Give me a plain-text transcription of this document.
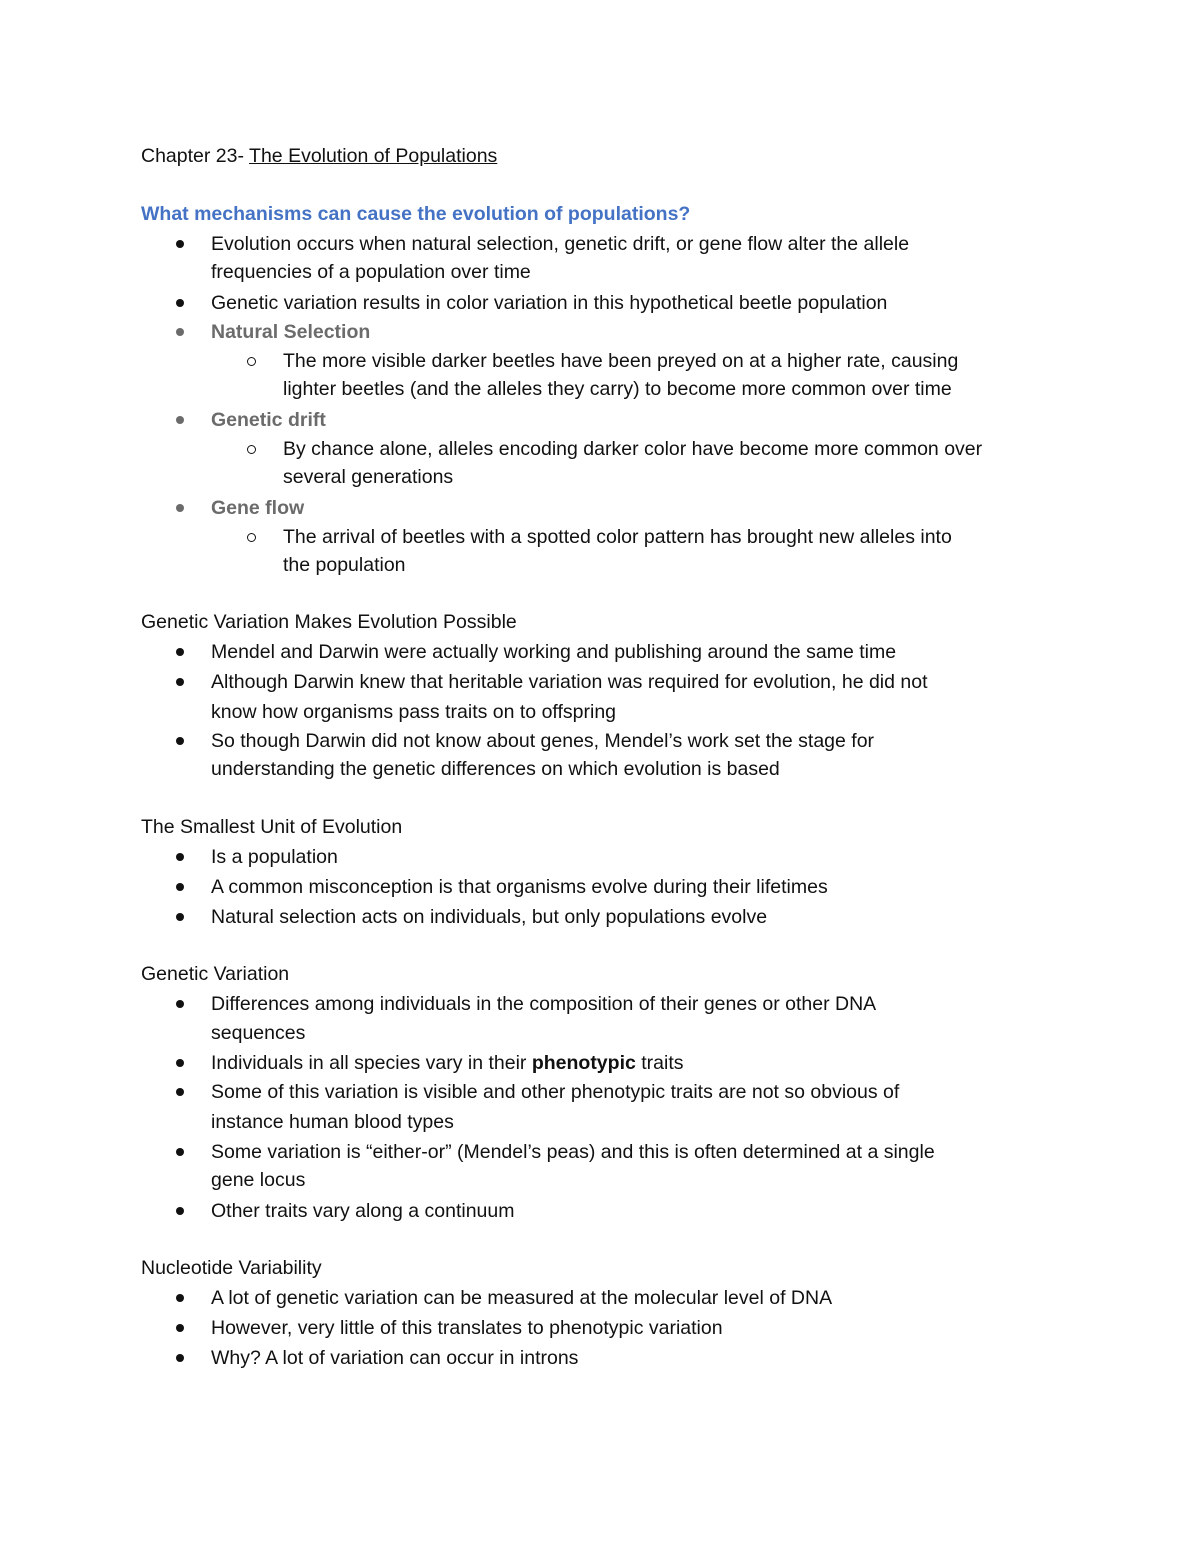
Chapter 23- The Evolution of Populations
What mechanisms can cause the evolution of populations?
Evolution occurs when natural selection, genetic drift, or gene flow alter the allele
frequencies of a population over time
Genetic variation results in color variation in this hypothetical beetle population
Natural Selection
The more visible darker beetles have been preyed on at a higher rate, causing
lighter beetles (and the alleles they carry) to become more common over time
Genetic drift
By chance alone, alleles encoding darker color have become more common over
several generations
Gene flow
The arrival of beetles with a spotted color pattern has brought new alleles into
the population
Genetic Variation Makes Evolution Possible
Mendel and Darwin were actually working and publishing around the same time
Although Darwin knew that heritable variation was required for evolution, he did not
know how organisms pass traits on to offspring
So though Darwin did not know about genes, Mendel’s work set the stage for
understanding the genetic differences on which evolution is based
The Smallest Unit of Evolution
Is a population
A common misconception is that organisms evolve during their lifetimes
Natural selection acts on individuals, but only populations evolve
Genetic Variation
Differences among individuals in the composition of their genes or other DNA
sequences
Individuals in all species vary in their phenotypic traits
Some of this variation is visible and other phenotypic traits are not so obvious of
instance human blood types
Some variation is “either-or” (Mendel’s peas) and this is often determined at a single
gene locus
Other traits vary along a continuum
Nucleotide Variability
A lot of genetic variation can be measured at the molecular level of DNA
However, very little of this translates to phenotypic variation
Why? A lot of variation can occur in introns
